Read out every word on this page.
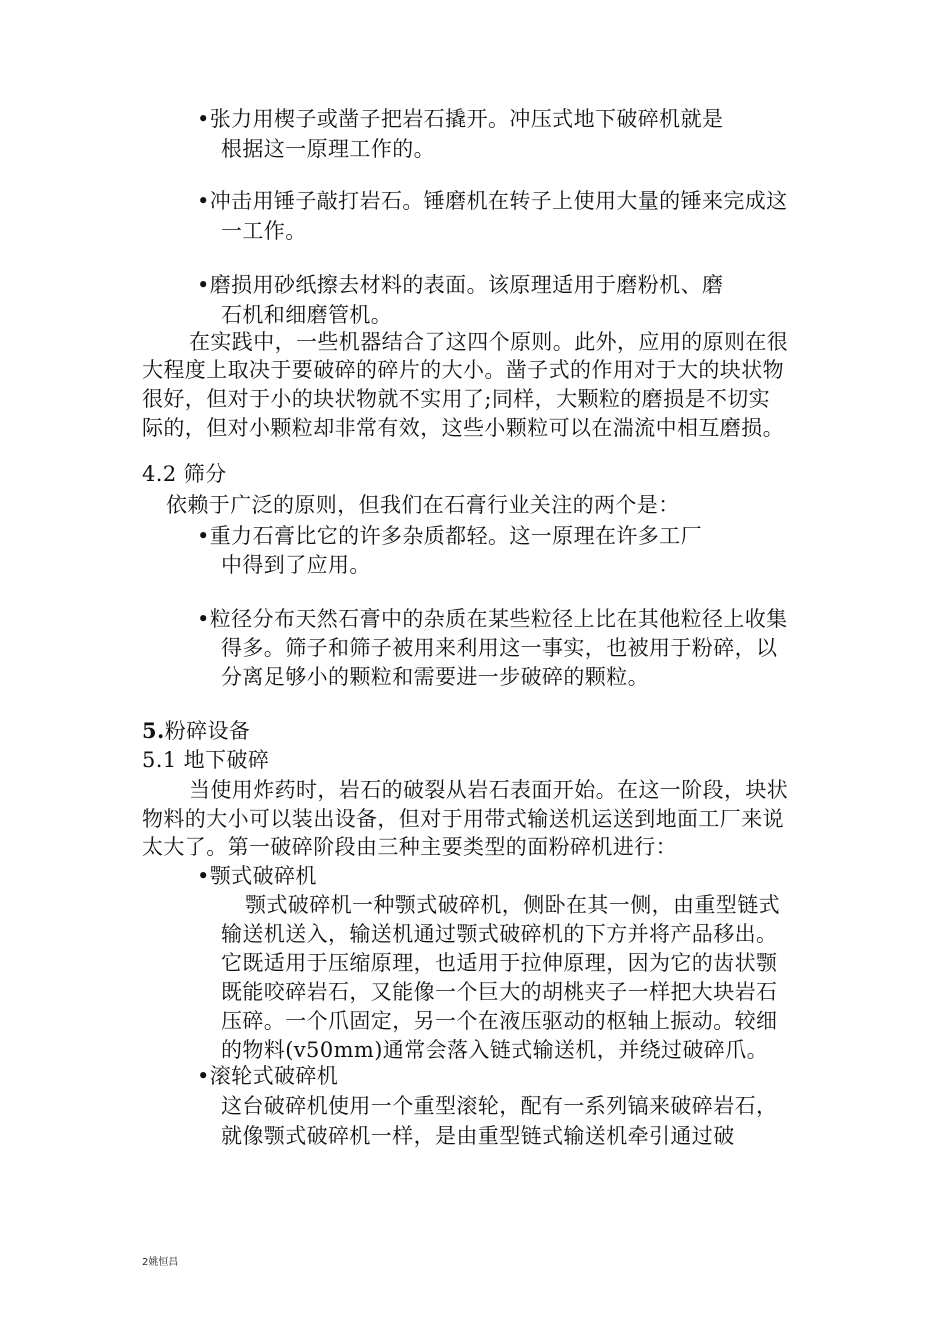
•张力用楔子或凿子把岩石撬开。冲压式地下破碎机就是
根据这一原理工作的。
•冲击用锤子敲打岩石。锤磨机在转子上使用大量的锤来完成这
一工作。
•磨损用砂纸擦去材料的表面。该原理适用于磨粉机、磨
石机和细磨管机。
在实践中，一些机器结合了这四个原则。此外，应用的原则在很
大程度上取决于要破碎的碎片的大小。凿子式的作用对于大的块状物
很好，但对于小的块状物就不实用了;同样，大颗粒的磨损是不切实
际的，但对小颗粒却非常有效，这些小颗粒可以在湍流中相互磨损。
4.2 筛分
依赖于广泛的原则，但我们在石膏行业关注的两个是：
•重力石膏比它的许多杂质都轻。这一原理在许多工厂
中得到了应用。
•粒径分布天然石膏中的杂质在某些粒径上比在其他粒径上收集
得多。筛子和筛子被用来利用这一事实，也被用于粉碎，以
分离足够小的颗粒和需要进一步破碎的颗粒。
5.粉碎设备
5.1 地下破碎
当使用炸药时，岩石的破裂从岩石表面开始。在这一阶段，块状
物料的大小可以装出设备，但对于用带式输送机运送到地面工厂来说
太大了。第一破碎阶段由三种主要类型的面粉碎机进行：
•颚式破碎机
颚式破碎机一种颚式破碎机，侧卧在其一侧，由重型链式
输送机送入，输送机通过颚式破碎机的下方并将产品移出。
它既适用于压缩原理，也适用于拉伸原理，因为它的齿状颚
既能咬碎岩石，又能像一个巨大的胡桃夹子一样把大块岩石
压碎。一个爪固定，另一个在液压驱动的枢轴上振动。较细
的物料(v50mm)通常会落入链式输送机，并绕过破碎爪。
•滚轮式破碎机
这台破碎机使用一个重型滚轮，配有一系列镐来破碎岩石，
就像颚式破碎机一样，是由重型链式输送机牵引通过破
2姚恒昌
